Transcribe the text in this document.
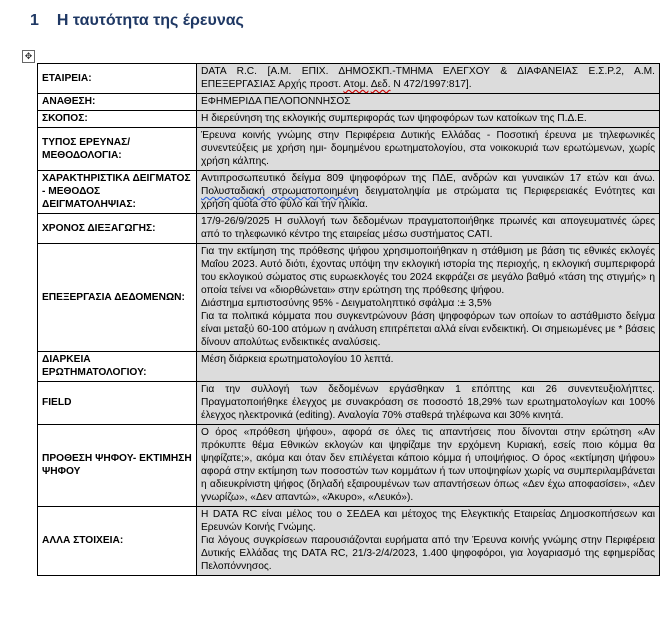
1 Η ταυτότητα της έρευνας
✥
ΕΤΑΙΡΕΙΑ:	DATA R.C. [Α.Μ. ΕΠΙΧ. ΔΗΜΟΣΚΠ.-ΤΜΗΜΑ ΕΛΕΓΧΟΥ & ΔΙΑΦΑΝΕΙΑΣ Ε.Σ.Ρ.2, Α.Μ. ΕΠΕΞΕΡΓΑΣΙΑΣ Αρχής προστ. Ατομ. Δεδ. Ν 472/1997:817].
ΑΝΑΘΕΣΗ:	ΕΦΗΜΕΡΙΔΑ ΠΕΛΟΠΟΝΝΗΣΟΣ
ΣΚΟΠΟΣ:	Η διερεύνηση της εκλογικής συμπεριφοράς των ψηφοφόρων των κατοίκων της Π.Δ.Ε.
ΤΥΠΟΣ ΕΡΕΥΝΑΣ/ ΜΕΘΟΔΟΛΟΓΙΑ:	Έρευνα κοινής γνώμης στην Περιφέρεια Δυτικής Ελλάδας - Ποσοτική έρευνα με τηλεφωνικές συνεντεύξεις με χρήση ημι- δομημένου ερωτηματολογίου, στα νοικοκυριά των ερωτώμενων, χωρίς χρήση κάλπης.
ΧΑΡΑΚΤΗΡΙΣΤΙΚΑ ΔΕΙΓΜΑΤΟΣ - ΜΕΘΟΔΟΣ ΔΕΙΓΜΑΤΟΛΗΨΙΑΣ:	Αντιπροσωπευτικό δείγμα 809 ψηφοφόρων της ΠΔΕ, ανδρών και γυναικών 17 ετών και άνω. Πολυσταδιακή στρωματοποιημένη δειγματοληψία με στρώματα τις Περιφερειακές Ενότητες και χρήση quota στο φύλο και την ηλικία.
ΧΡΟΝΟΣ ΔΙΕΞΑΓΩΓΗΣ:	17/9-26/9/2025 Η συλλογή των δεδομένων πραγματοποιήθηκε πρωινές και απογευματινές ώρες από το τηλεφωνικό κέντρο της εταιρείας μέσω συστήματος CATI.
ΕΠΕΞΕΡΓΑΣΙΑ ΔΕΔΟΜΕΝΩΝ:	Για την εκτίμηση της πρόθεσης ψήφου χρησιμοποιήθηκαν η στάθμιση με βάση τις εθνικές εκλογές Μαΐου 2023. Αυτό διότι, έχοντας υπόψη την εκλογική ιστορία της περιοχής, η εκλογική συμπεριφορά του εκλογικού σώματος στις ευρωεκλογές του 2024 εκφράζει σε μεγάλο βαθμό «τάση της στιγμής» η οποία τείνει να «διορθώνεται» στην ερώτηση της πρόθεσης ψήφου.

Διάστημα εμπιστοσύνης 95% - Δειγματοληπτικό σφάλμα :± 3,5%

Για τα πολιτικά κόμματα που συγκεντρώνουν βάση ψηφοφόρων των οποίων το αστάθμιστο δείγμα είναι μεταξύ 60-100 ατόμων η ανάλυση επιτρέπεται αλλά είναι ενδεικτική. Οι σημειωμένες με * βάσεις δίνουν απολύτως ενδεικτικές αναλύσεις.

ΔΙΑΡΚΕΙΑ ΕΡΩΤΗΜΑΤΟΛΟΓΙΟΥ:	Μέση διάρκεια ερωτηματολογίου 10 λεπτά.
FIELD	Για την συλλογή των δεδομένων εργάσθηκαν 1 επόπτης και 26 συνεντευξιολήπτες. Πραγματοποιήθηκε έλεγχος με συνακρόαση σε ποσοστό 18,29% των ερωτηματολογίων και 100% έλεγχος ηλεκτρονικά (editing). Αναλογία 70% σταθερά τηλέφωνα και 30% κινητά.
ΠΡΟΘΕΣΗ ΨΗΦΟΥ- ΕΚΤΙΜΗΣΗ ΨΗΦΟΥ	Ο όρος «πρόθεση ψήφου», αφορά σε όλες τις απαντήσεις που δίνονται στην ερώτηση «Αν πρόκυπτε θέμα Εθνικών εκλογών και ψηφίζαμε την ερχόμενη Κυριακή, εσείς ποιο κόμμα θα ψηφίζατε;», ακόμα και όταν δεν επιλέγεται κάποιο κόμμα ή υποψήφιος. Ο όρος «εκτίμηση ψήφου» αφορά στην εκτίμηση των ποσοστών των κομμάτων ή των υποψηφίων χωρίς να συμπεριλαμβάνεται η αδιευκρίνιστη ψήφος (δηλαδή εξαιρουμένων των απαντήσεων όπως «Δεν έχω αποφασίσει», «Δεν γνωρίζω», «Δεν απαντώ», «Άκυρο», «Λευκό»).
ΑΛΛΑ ΣΤΟΙΧΕΙΑ:	Η DATA RC είναι μέλος του ο ΣΕΔΕΑ και μέτοχος της Ελεγκτικής Εταιρείας Δημοσκοπήσεων και Ερευνών Κοινής Γνώμης.

Για λόγους συγκρίσεων παρουσιάζονται ευρήματα από την Έρευνα κοινής γνώμης στην Περιφέρεια Δυτικής Ελλάδας της DATA RC, 21/3-2/4/2023, 1.400 ψηφοφόροι, για λογαριασμό της εφημερίδας Πελοπόννησος.
